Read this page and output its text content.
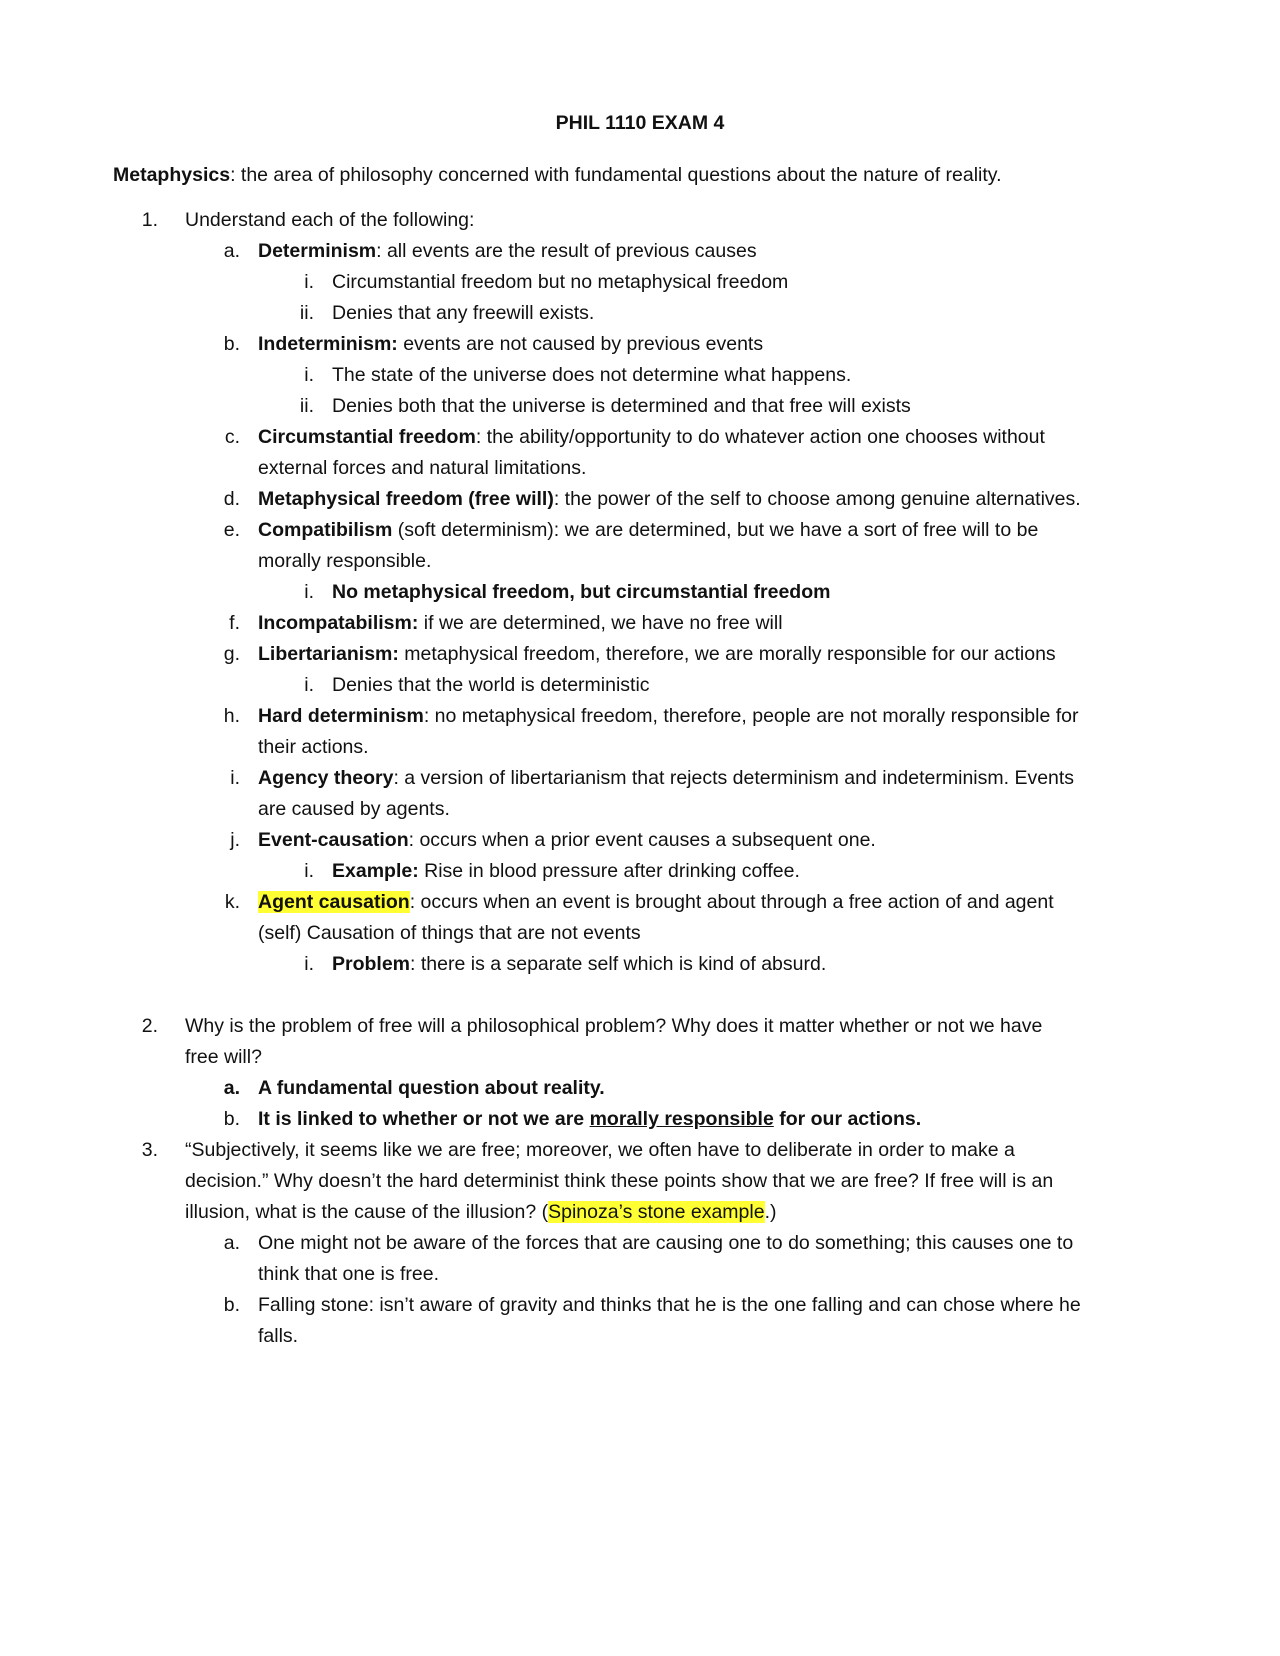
PHIL 1110 EXAM 4
Metaphysics: the area of philosophy concerned with fundamental questions about the nature of reality.
1. Understand each of the following:
a. Determinism: all events are the result of previous causes
i. Circumstantial freedom but no metaphysical freedom
ii. Denies that any freewill exists.
b. Indeterminism: events are not caused by previous events
i. The state of the universe does not determine what happens.
ii. Denies both that the universe is determined and that free will exists
c. Circumstantial freedom: the ability/opportunity to do whatever action one chooses without
external forces and natural limitations.
d. Metaphysical freedom (free will): the power of the self to choose among genuine alternatives.
e. Compatibilism (soft determinism): we are determined, but we have a sort of free will to be
morally responsible.
i. No metaphysical freedom, but circumstantial freedom
f. Incompatabilism: if we are determined, we have no free will
g. Libertarianism: metaphysical freedom, therefore, we are morally responsible for our actions
i. Denies that the world is deterministic
h. Hard determinism: no metaphysical freedom, therefore, people are not morally responsible for
their actions.
i. Agency theory: a version of libertarianism that rejects determinism and indeterminism. Events
are caused by agents.
j. Event-causation: occurs when a prior event causes a subsequent one.
i. Example: Rise in blood pressure after drinking coffee.
k. Agent causation: occurs when an event is brought about through a free action of and agent
(self) Causation of things that are not events
i. Problem: there is a separate self which is kind of absurd.
2. Why is the problem of free will a philosophical problem? Why does it matter whether or not we have
free will?
a. A fundamental question about reality.
b. It is linked to whether or not we are morally responsible for our actions.
3. “Subjectively, it seems like we are free; moreover, we often have to deliberate in order to make a
decision.” Why doesn’t the hard determinist think these points show that we are free? If free will is an
illusion, what is the cause of the illusion? (Spinoza’s stone example.)
a. One might not be aware of the forces that are causing one to do something; this causes one to
think that one is free.
b. Falling stone: isn’t aware of gravity and thinks that he is the one falling and can chose where he
falls.
